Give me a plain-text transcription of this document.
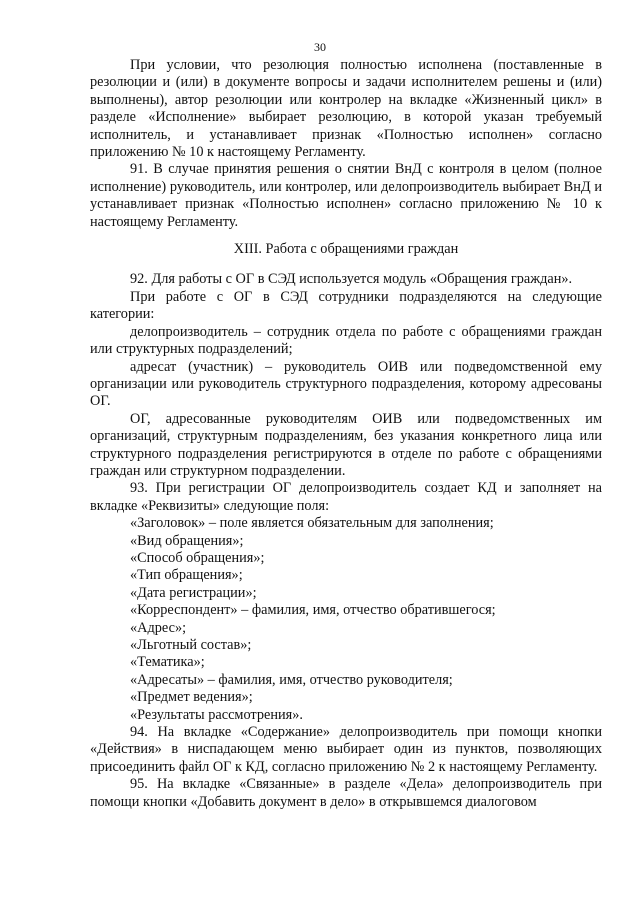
30

При условии, что резолюция полностью исполнена (поставленные в резолюции и (или) в документе вопросы и задачи исполнителем решены и (или) выполнены), автор резолюции или контролер на вкладке «Жизненный цикл» в разделе «Исполнение» выбирает резолюцию, в которой указан требуемый исполнитель, и устанавливает признак «Полностью исполнен» согласно приложению № 10 к настоящему Регламенту.

91. В случае принятия решения о снятии ВнД с контроля в целом (полное исполнение) руководитель, или контролер, или делопроизводитель выбирает ВнД и устанавливает признак «Полностью исполнен» согласно приложению № 10 к настоящему Регламенту.

XIII. Работа с обращениями граждан

92. Для работы с ОГ в СЭД используется модуль «Обращения граждан».

При работе с ОГ в СЭД сотрудники подразделяются на следующие категории:

делопроизводитель – сотрудник отдела по работе с обращениями граждан или структурных подразделений;

адресат (участник) – руководитель ОИВ или подведомственной ему организации или руководитель структурного подразделения, которому адресованы ОГ.

ОГ, адресованные руководителям ОИВ или подведомственных им организаций, структурным подразделениям, без указания конкретного лица или структурного подразделения регистрируются в отделе по работе с обращениями граждан или структурном подразделении.

93. При регистрации ОГ делопроизводитель создает КД и заполняет на вкладке «Реквизиты» следующие поля:

«Заголовок» – поле является обязательным для заполнения;

«Вид обращения»;

«Способ обращения»;

«Тип обращения»;

«Дата регистрации»;

«Корреспондент» – фамилия, имя, отчество обратившегося;

«Адрес»;

«Льготный состав»;

«Тематика»;

«Адресаты» – фамилия, имя, отчество руководителя;

«Предмет ведения»;

«Результаты рассмотрения».

94. На вкладке «Содержание» делопроизводитель при помощи кнопки «Действия» в ниспадающем меню выбирает один из пунктов, позволяющих присоединить файл ОГ к КД, согласно приложению № 2 к настоящему Регламенту.

95. На вкладке «Связанные» в разделе «Дела» делопроизводитель при помощи кнопки «Добавить документ в дело» в открывшемся диалоговом
